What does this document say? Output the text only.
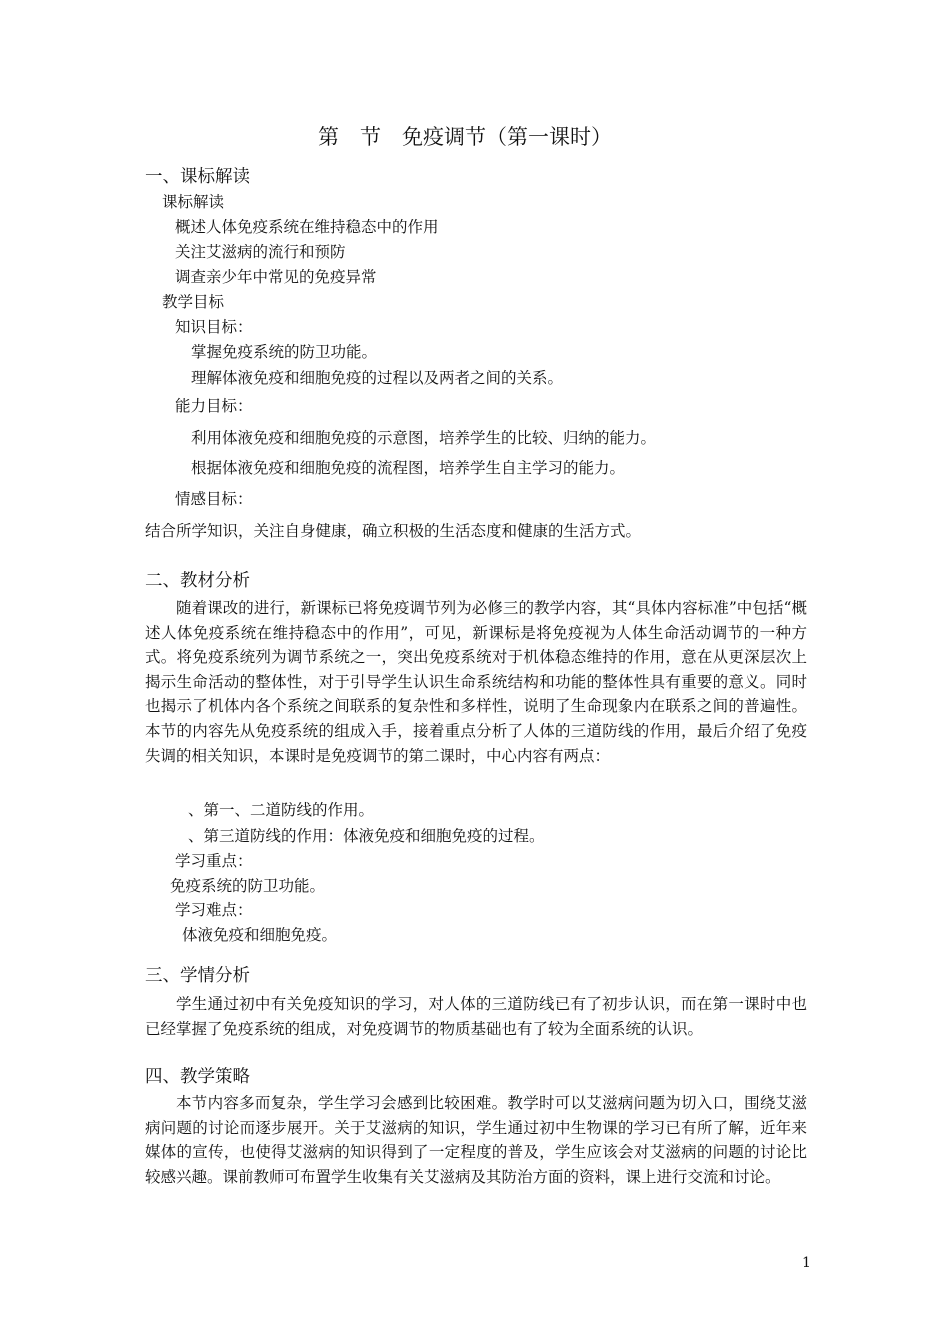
第　节　免疫调节（第一课时）
一、课标解读
课标解读
概述人体免疫系统在维持稳态中的作用
关注艾滋病的流行和预防
调查亲少年中常见的免疫异常
教学目标
知识目标：
掌握免疫系统的防卫功能。
理解体液免疫和细胞免疫的过程以及两者之间的关系。
能力目标：
利用体液免疫和细胞免疫的示意图，培养学生的比较、归纳的能力。
根据体液免疫和细胞免疫的流程图，培养学生自主学习的能力。
情感目标：
结合所学知识，关注自身健康，确立积极的生活态度和健康的生活方式。
二、教材分析
随着课改的进行，新课标已将免疫调节列为必修三的教学内容，其“具体内容标准”中包括“概述人体免疫系统在维持稳态中的作用”，可见，新课标是将免疫视为人体生命活动调节的一种方式。将免疫系统列为调节系统之一，突出免疫系统对于机体稳态维持的作用，意在从更深层次上揭示生命活动的整体性，对于引导学生认识生命系统结构和功能的整体性具有重要的意义。同时也揭示了机体内各个系统之间联系的复杂性和多样性，说明了生命现象内在联系之间的普遍性。本节的内容先从免疫系统的组成入手，接着重点分析了人体的三道防线的作用，最后介绍了免疫失调的相关知识，本课时是免疫调节的第二课时，中心内容有两点：
、第一、二道防线的作用。
、第三道防线的作用：体液免疫和细胞免疫的过程。
学习重点：
免疫系统的防卫功能。
学习难点：
体液免疫和细胞免疫。
三、学情分析
学生通过初中有关免疫知识的学习，对人体的三道防线已有了初步认识，而在第一课时中也已经掌握了免疫系统的组成，对免疫调节的物质基础也有了较为全面系统的认识。
四、教学策略
本节内容多而复杂，学生学习会感到比较困难。教学时可以艾滋病问题为切入口，围绕艾滋病问题的讨论而逐步展开。关于艾滋病的知识，学生通过初中生物课的学习已有所了解，近年来媒体的宣传，也使得艾滋病的知识得到了一定程度的普及，学生应该会对艾滋病的问题的讨论比较感兴趣。课前教师可布置学生收集有关艾滋病及其防治方面的资料，课上进行交流和讨论。
1
